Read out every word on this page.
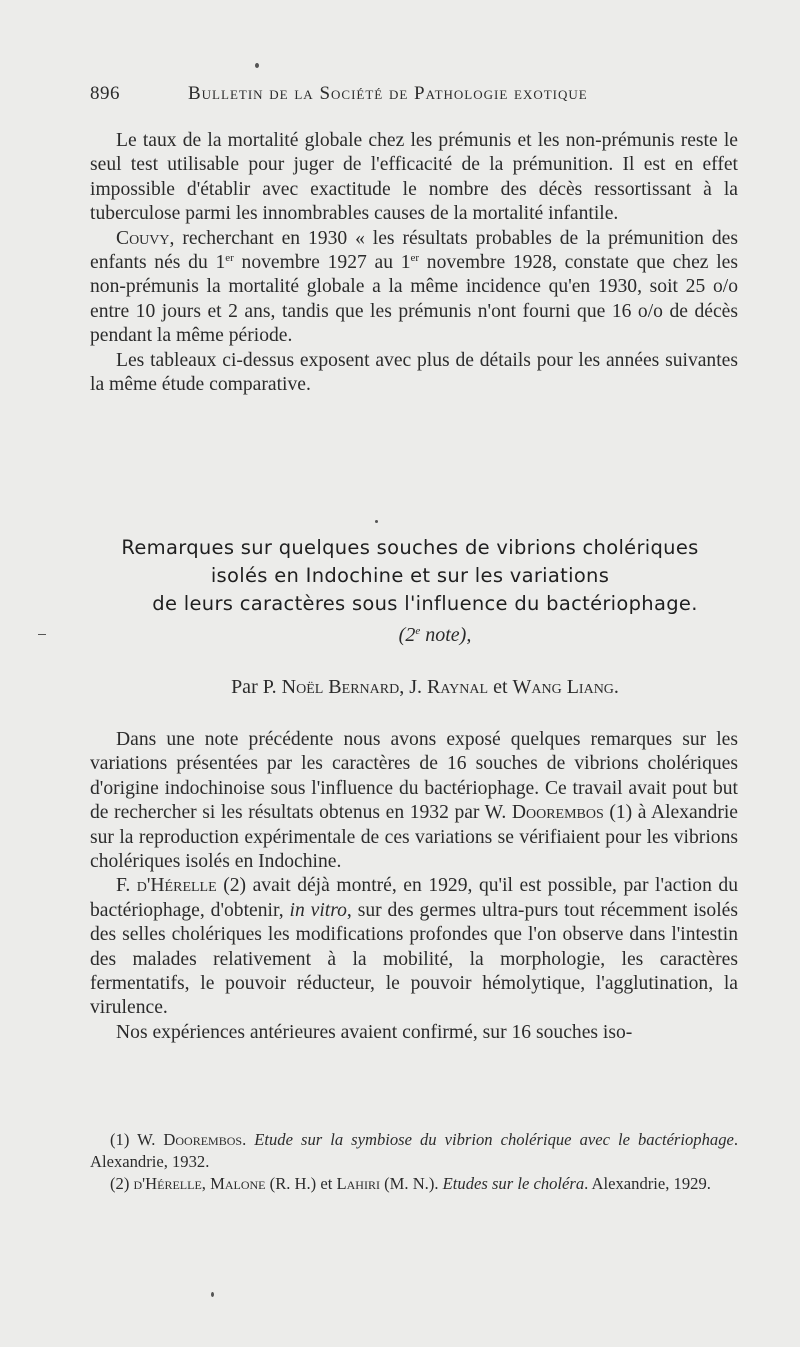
896	Bulletin de la Société de Pathologie exotique

Le taux de la mortalité globale chez les prémunis et les non-prémunis reste le seul test utilisable pour juger de l'efficacité de la prémunition. Il est en effet impossible d'établir avec exactitude le nombre des décès ressortissant à la tuberculose parmi les innombrables causes de la mortalité infantile.

Couvy, recherchant en 1930 « les résultats probables de la prémunition des enfants nés du 1er novembre 1927 au 1er novembre 1928, constate que chez les non-prémunis la mortalité globale a la même incidence qu'en 1930, soit 25 o/o entre 10 jours et 2 ans, tandis que les prémunis n'ont fourni que 16 o/o de décès pendant la même période.

Les tableaux ci-dessus exposent avec plus de détails pour les années suivantes la même étude comparative.

Remarques sur quelques souches de vibrions cholériques
isolés en Indochine et sur les variations
de leurs caractères sous l'influence du bactériophage.
(2e note),
Par P. Noël Bernard, J. Raynal et Wang Liang.

Dans une note précédente nous avons exposé quelques remarques sur les variations présentées par les caractères de 16 souches de vibrions cholériques d'origine indochinoise sous l'influence du bactériophage. Ce travail avait pout but de rechercher si les résultats obtenus en 1932 par W. Doorembos (1) à Alexandrie sur la reproduction expérimentale de ces variations se vérifiaient pour les vibrions cholériques isolés en Indochine.

F. d'Hérelle (2) avait déjà montré, en 1929, qu'il est possible, par l'action du bactériophage, d'obtenir, in vitro, sur des germes ultra-purs tout récemment isolés des selles cholériques les modifications profondes que l'on observe dans l'intestin des malades relativement à la mobilité, la morphologie, les caractères fermentatifs, le pouvoir réducteur, le pouvoir hémolytique, l'agglutination, la virulence.

Nos expériences antérieures avaient confirmé, sur 16 souches iso-

(1) W. Doorembos. Etude sur la symbiose du vibrion cholérique avec le bactériophage. Alexandrie, 1932.

(2) d'Hérelle, Malone (R. H.) et Lahiri (M. N.). Etudes sur le choléra. Alexandrie, 1929.
